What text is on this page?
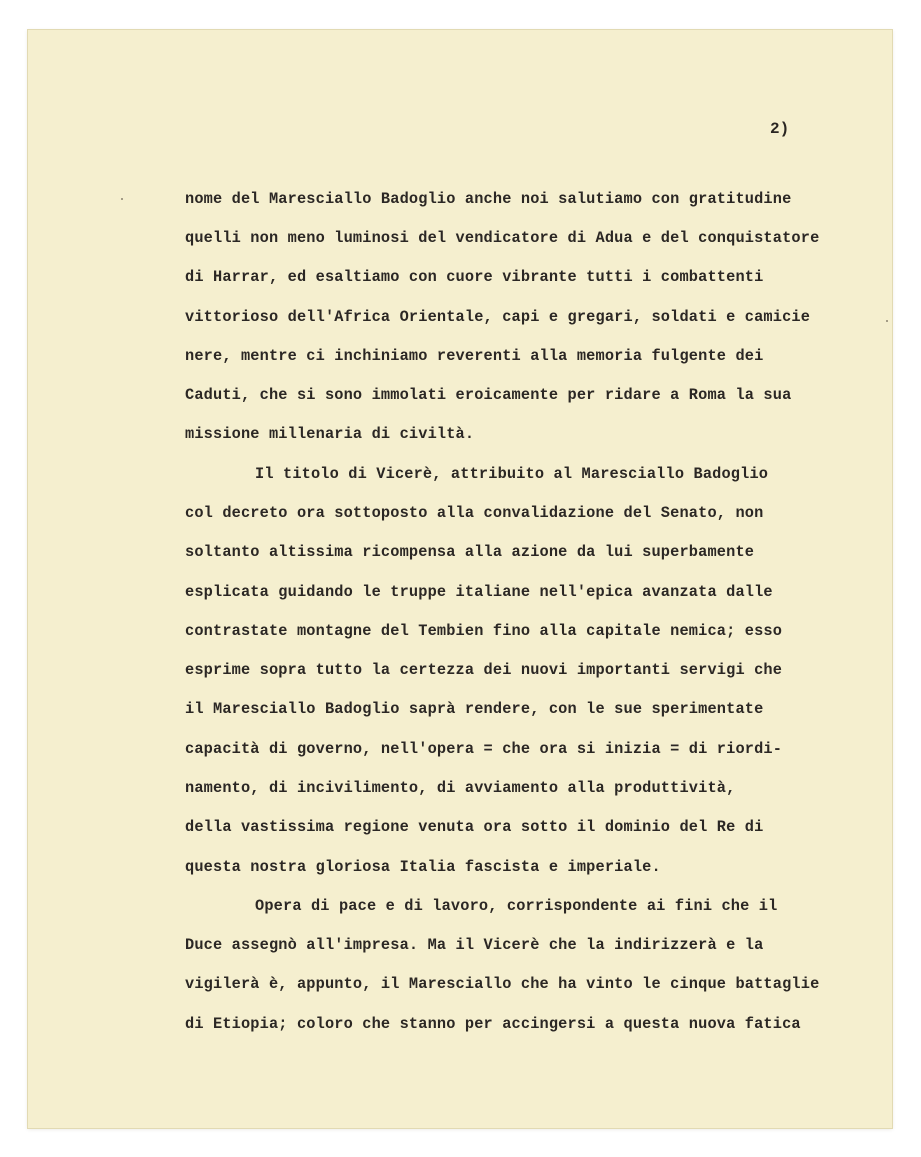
2)
nome del Maresciallo Badoglio anche noi salutiamo con gratitudine
quelli non meno luminosi del vendicatore di Adua e del conquistatore
di Harrar, ed esaltiamo con cuore vibrante tutti i combattenti
vittorioso dell'Africa Orientale, capi e gregari, soldati e camicie
nere, mentre ci inchiniamo reverenti alla memoria fulgente dei
Caduti, che si sono immolati eroicamente per ridare a Roma la sua
missione millenaria di civiltà.
Il titolo di Vicerè, attribuito al Maresciallo Badoglio
col decreto ora sottoposto alla convalidazione del Senato, non
soltanto altissima ricompensa alla azione da lui superbamente
esplicata guidando le truppe italiane nell'epica avanzata dalle
contrastate montagne del Tembien fino alla capitale nemica; esso
esprime sopra tutto la certezza dei nuovi importanti servigi che
il Maresciallo Badoglio saprà rendere, con le sue sperimentate
capacità di governo, nell'opera = che ora si inizia = di riordi-
namento, di incivilimento, di avviamento alla produttività,
della vastissima regione venuta ora sotto il dominio del Re di
questa nostra gloriosa Italia fascista e imperiale.
Opera di pace e di lavoro, corrispondente ai fini che il
Duce assegnò all'impresa. Ma il Vicerè che la indirizzerà e la
vigilerà è, appunto, il Maresciallo che ha vinto le cinque battaglie
di Etiopia; coloro che stanno per accingersi a questa nuova fatica
